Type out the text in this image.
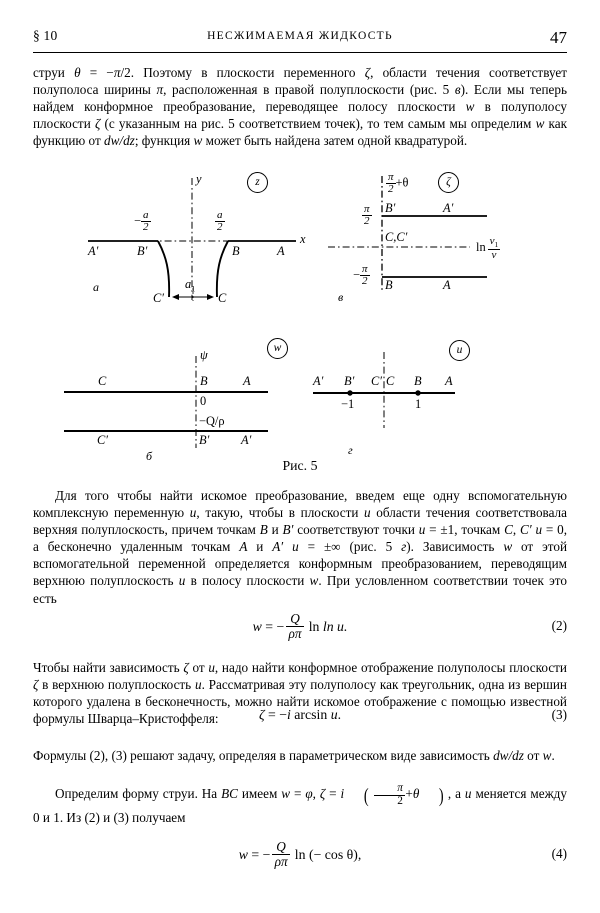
§ 10	НЕСЖИМАЕМАЯ ЖИДКОСТЬ	47
струи θ = −π/2. Поэтому в плоскости переменного ζ, области течения соответствует полуполоса ширины π, расположенная в правой полуплоскости (рис. 5 в). Если мы теперь найдем конформное преобразование, переводящее полосу плоскости w в полуполосу плоскости ζ (с указанным на рис. 5 соответствием точек), то тем самым мы определим w как функцию от dw/dz; функция w может быть найдена затем одной квадратурой.
z
y
x
− $\frac{a}{2}$	$\frac{a}{2}$
A′	B′	B	A
C′	C
$a_1$
a
ζ
$\frac{\pi}{2} +\theta$
$\frac{\pi}{2}$
− $\frac{\pi}{2}$
B′	A′
C,C′
B	A
$\ln \frac{v_1}{v}$
в
w
ψ
C	B	A
0
−Q/ρ
C′	B′	A′
б
u
A′ B′ C′ C B A
−1	1
г
Рис. 5
Для того чтобы найти искомое преобразование, введем еще одну вспомогательную комплексную переменную u, такую, чтобы в плоскости u области течения соответствовала верхняя полуплоскость, причем точкам B и B′ соответствуют точки u = ±1, точкам C, C′ u = 0, а бесконечно удаленным точкам A и A′ u = ±∞ (рис. 5 г). Зависимость w от этой вспомогательной переменной определяется конформным преобразованием, переводящим верхнюю полуплоскость u в полосу плоскости w. При условленном соответствии точек это есть
w = − $\frac{Q}{\rho\pi}$ ln ln u.	(2)
Чтобы найти зависимость ζ от u, надо найти конформное отображение полуполосы плоскости ζ в верхнюю полуплоскость u. Рассматривая эту полуполосу как треугольник, одна из вершин которого удалена в бесконечность, можно найти искомое отображение с помощью известной формулы Шварца–Кристоффеля:	ζ = −i arcsin u.	(3)
Формулы (2), (3) решают задачу, определяя в параметрическом виде зависимость dw/dz от w.
Определим форму струи. На BC имеем w = φ, ζ = i ( $\frac{\pi}{2} +\theta$ ) , а u меняется между 0 и 1. Из (2) и (3) получаем
w = − $\frac{Q}{\rho\pi}$ ln (− cos θ),	(4)
